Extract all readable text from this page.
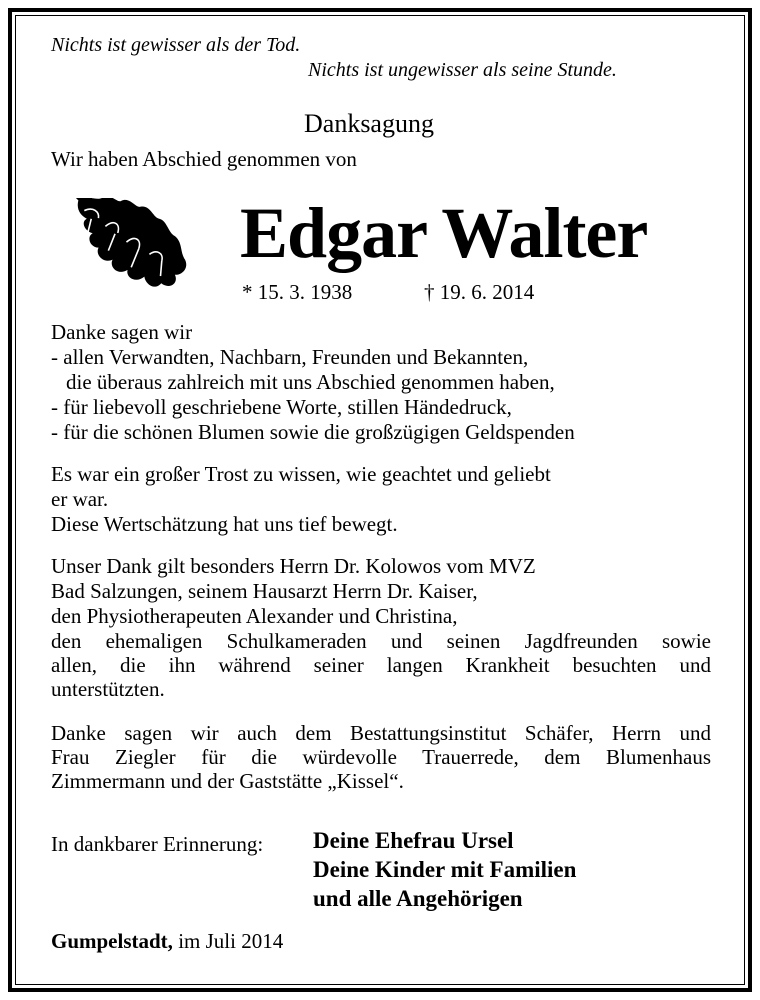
Nichts ist gewisser als der Tod.
Nichts ist ungewisser als seine Stunde.
Danksagung
Wir haben Abschied genommen von
Edgar Walter
* 15. 3. 1938	† 19. 6. 2014
Danke sagen wir
- allen Verwandten, Nachbarn, Freunden und Bekannten,
die überaus zahlreich mit uns Abschied genommen haben,
- für liebevoll geschriebene Worte, stillen Händedruck,
- für die schönen Blumen sowie die großzügigen Geldspenden
Es war ein großer Trost zu wissen, wie geachtet und geliebt
er war.
Diese Wertschätzung hat uns tief bewegt.
Unser Dank gilt besonders Herrn Dr. Kolowos vom MVZ
Bad Salzungen, seinem Hausarzt Herrn Dr. Kaiser,
den Physiotherapeuten Alexander und Christina,
den ehemaligen Schulkameraden und seinen Jagdfreunden sowie
allen, die ihn während seiner langen Krankheit besuchten und
unterstützten.
Danke sagen wir auch dem Bestattungsinstitut Schäfer, Herrn und
Frau Ziegler für die würdevolle Trauerrede, dem Blumenhaus
Zimmermann und der Gaststätte „Kissel“.
In dankbarer Erinnerung: Deine Ehefrau Ursel
Deine Kinder mit Familien
und alle Angehörigen
Gumpelstadt, im Juli 2014
